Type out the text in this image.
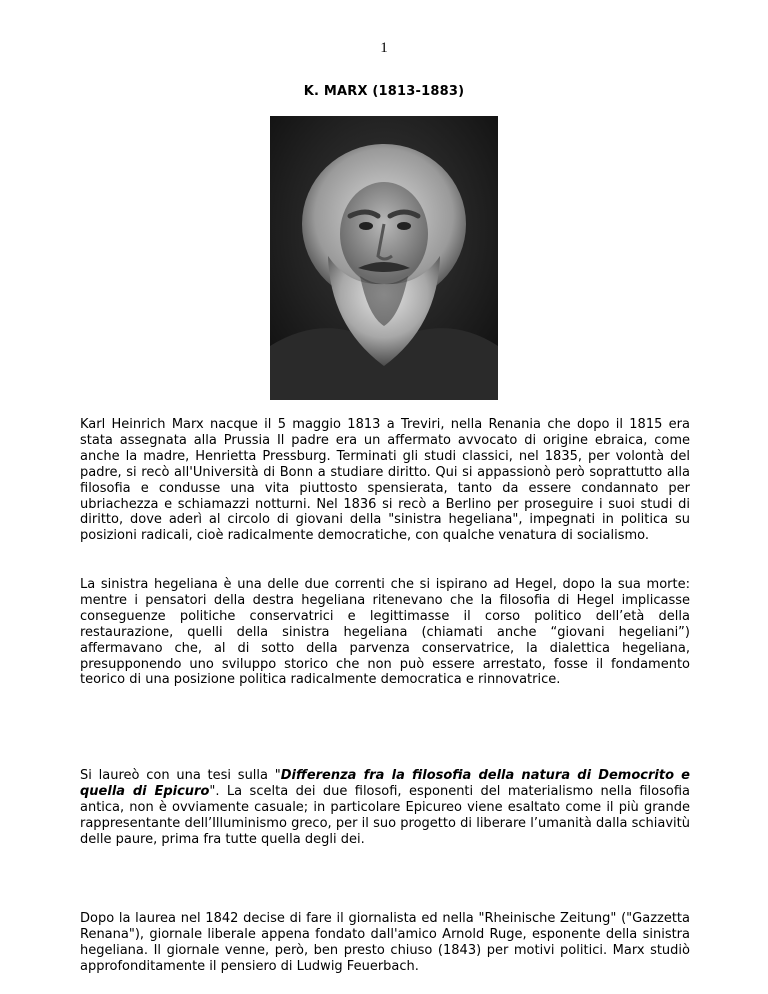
1
K. MARX (1813-1883)

Karl Heinrich Marx nacque il 5 maggio 1813 a Treviri, nella Renania che dopo il 1815 era stata assegnata alla Prussia Il padre era un affermato avvocato di origine ebraica, come anche la madre, Henrietta Pressburg. Terminati gli studi classici, nel 1835, per volontà del padre, si recò all'Università di Bonn a studiare diritto. Qui si appassionò però soprattutto alla filosofia e condusse una vita piuttosto spensierata, tanto da essere condannato per ubriachezza e schiamazzi notturni. Nel 1836 si recò a Berlino per proseguire i suoi studi di diritto, dove aderì al circolo di giovani della "sinistra hegeliana", impegnati in politica su posizioni radicali, cioè radicalmente democratiche, con qualche venatura di socialismo.

La sinistra hegeliana è una delle due correnti che si ispirano ad Hegel, dopo la sua morte: mentre i pensatori della destra hegeliana ritenevano che la filosofia di Hegel implicasse conseguenze politiche conservatrici e legittimasse il corso politico dell’età della restaurazione, quelli della sinistra hegeliana (chiamati anche “giovani hegeliani”) affermavano che, al di sotto della parvenza conservatrice, la dialettica hegeliana, presupponendo uno sviluppo storico che non può essere arrestato, fosse il fondamento teorico di una posizione politica radicalmente democratica e rinnovatrice.

Si laureò con una tesi sulla "Differenza fra la filosofia della natura di Democrito e quella di Epicuro". La scelta dei due filosofi, esponenti del materialismo nella filosofia antica, non è ovviamente casuale; in particolare Epicureo viene esaltato come il più grande rappresentante dell’Illuminismo greco, per il suo progetto di liberare l’umanità dalla schiavitù delle paure, prima fra tutte quella degli dei.

Dopo la laurea nel 1842 decise di fare il giornalista ed nella "Rheinische Zeitung" ("Gazzetta Renana"), giornale liberale appena fondato dall'amico Arnold Ruge, esponente della sinistra hegeliana. Il giornale venne, però, ben presto chiuso (1843) per motivi politici. Marx studiò approfonditamente il pensiero di Ludwig Feuerbach.
